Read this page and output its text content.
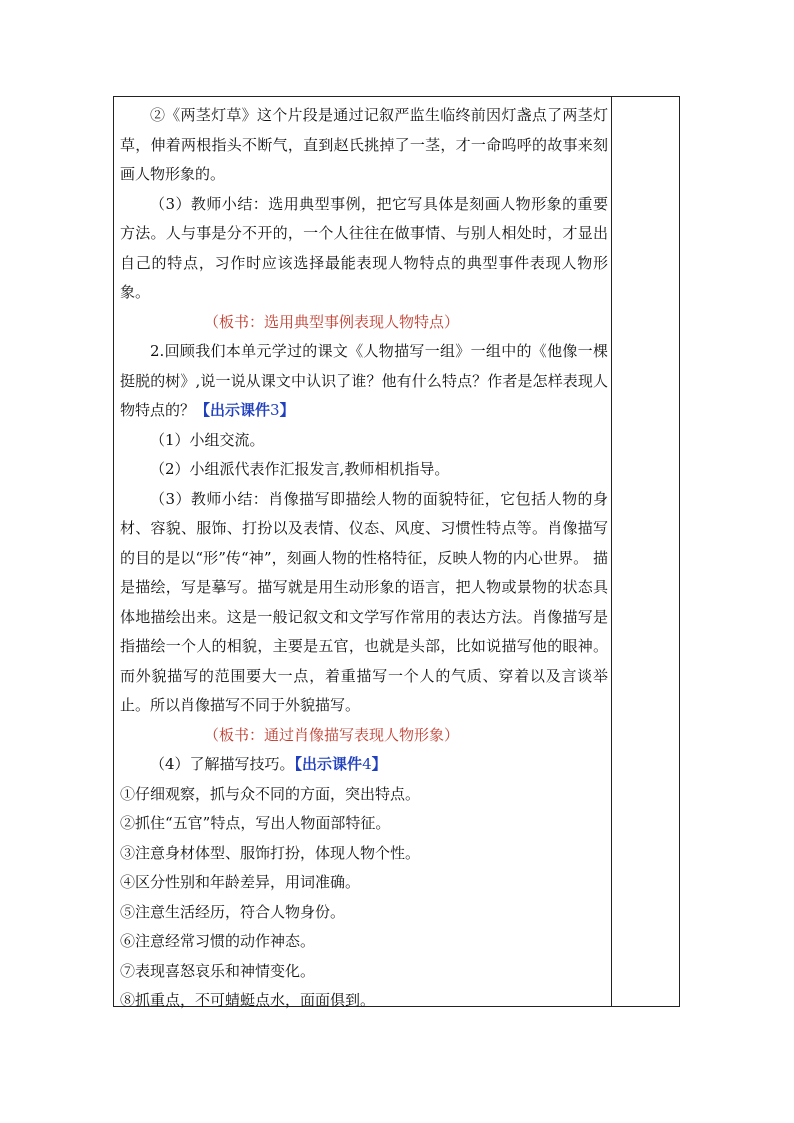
②《两茎灯草》这个片段是通过记叙严监生临终前因灯盏点了两茎灯草，伸着两根指头不断气，直到赵氏挑掉了一茎，才一命呜呼的故事来刻画人物形象的。

（3）教师小结：选用典型事例，把它写具体是刻画人物形象的重要方法。人与事是分不开的，一个人往往在做事情、与别人相处时，才显出自己的特点，习作时应该选择最能表现人物特点的典型事件表现人物形象。

（板书：选用典型事例表现人物特点）

2.回顾我们本单元学过的课文《人物描写一组》一组中的《他像一棵挺脱的树》,说一说从课文中认识了谁？他有什么特点？作者是怎样表现人物特点的？【出示课件3】

（1）小组交流。

（2）小组派代表作汇报发言,教师相机指导。

（3）教师小结：肖像描写即描绘人物的面貌特征，它包括人物的身材、容貌、服饰、打扮以及表情、仪态、风度、习惯性特点等。肖像描写的目的是以“形”传“神”，刻画人物的性格特征，反映人物的内心世界。 描是描绘，写是摹写。描写就是用生动形象的语言，把人物或景物的状态具体地描绘出来。这是一般记叙文和文学写作常用的表达方法。肖像描写是指描绘一个人的相貌，主要是五官，也就是头部，比如说描写他的眼神。而外貌描写的范围要大一点，着重描写一个人的气质、穿着以及言谈举止。所以肖像描写不同于外貌描写。

（板书：通过肖像描写表现人物形象）

（4）了解描写技巧。【出示课件4】

①仔细观察，抓与众不同的方面，突出特点。

②抓住“五官”特点，写出人物面部特征。

③注意身材体型、服饰打扮，体现人物个性。

④区分性别和年龄差异，用词准确。

⑤注意生活经历，符合人物身份。

⑥注意经常习惯的动作神态。

⑦表现喜怒哀乐和神情变化。

⑧抓重点，不可蜻蜓点水，面面俱到。
